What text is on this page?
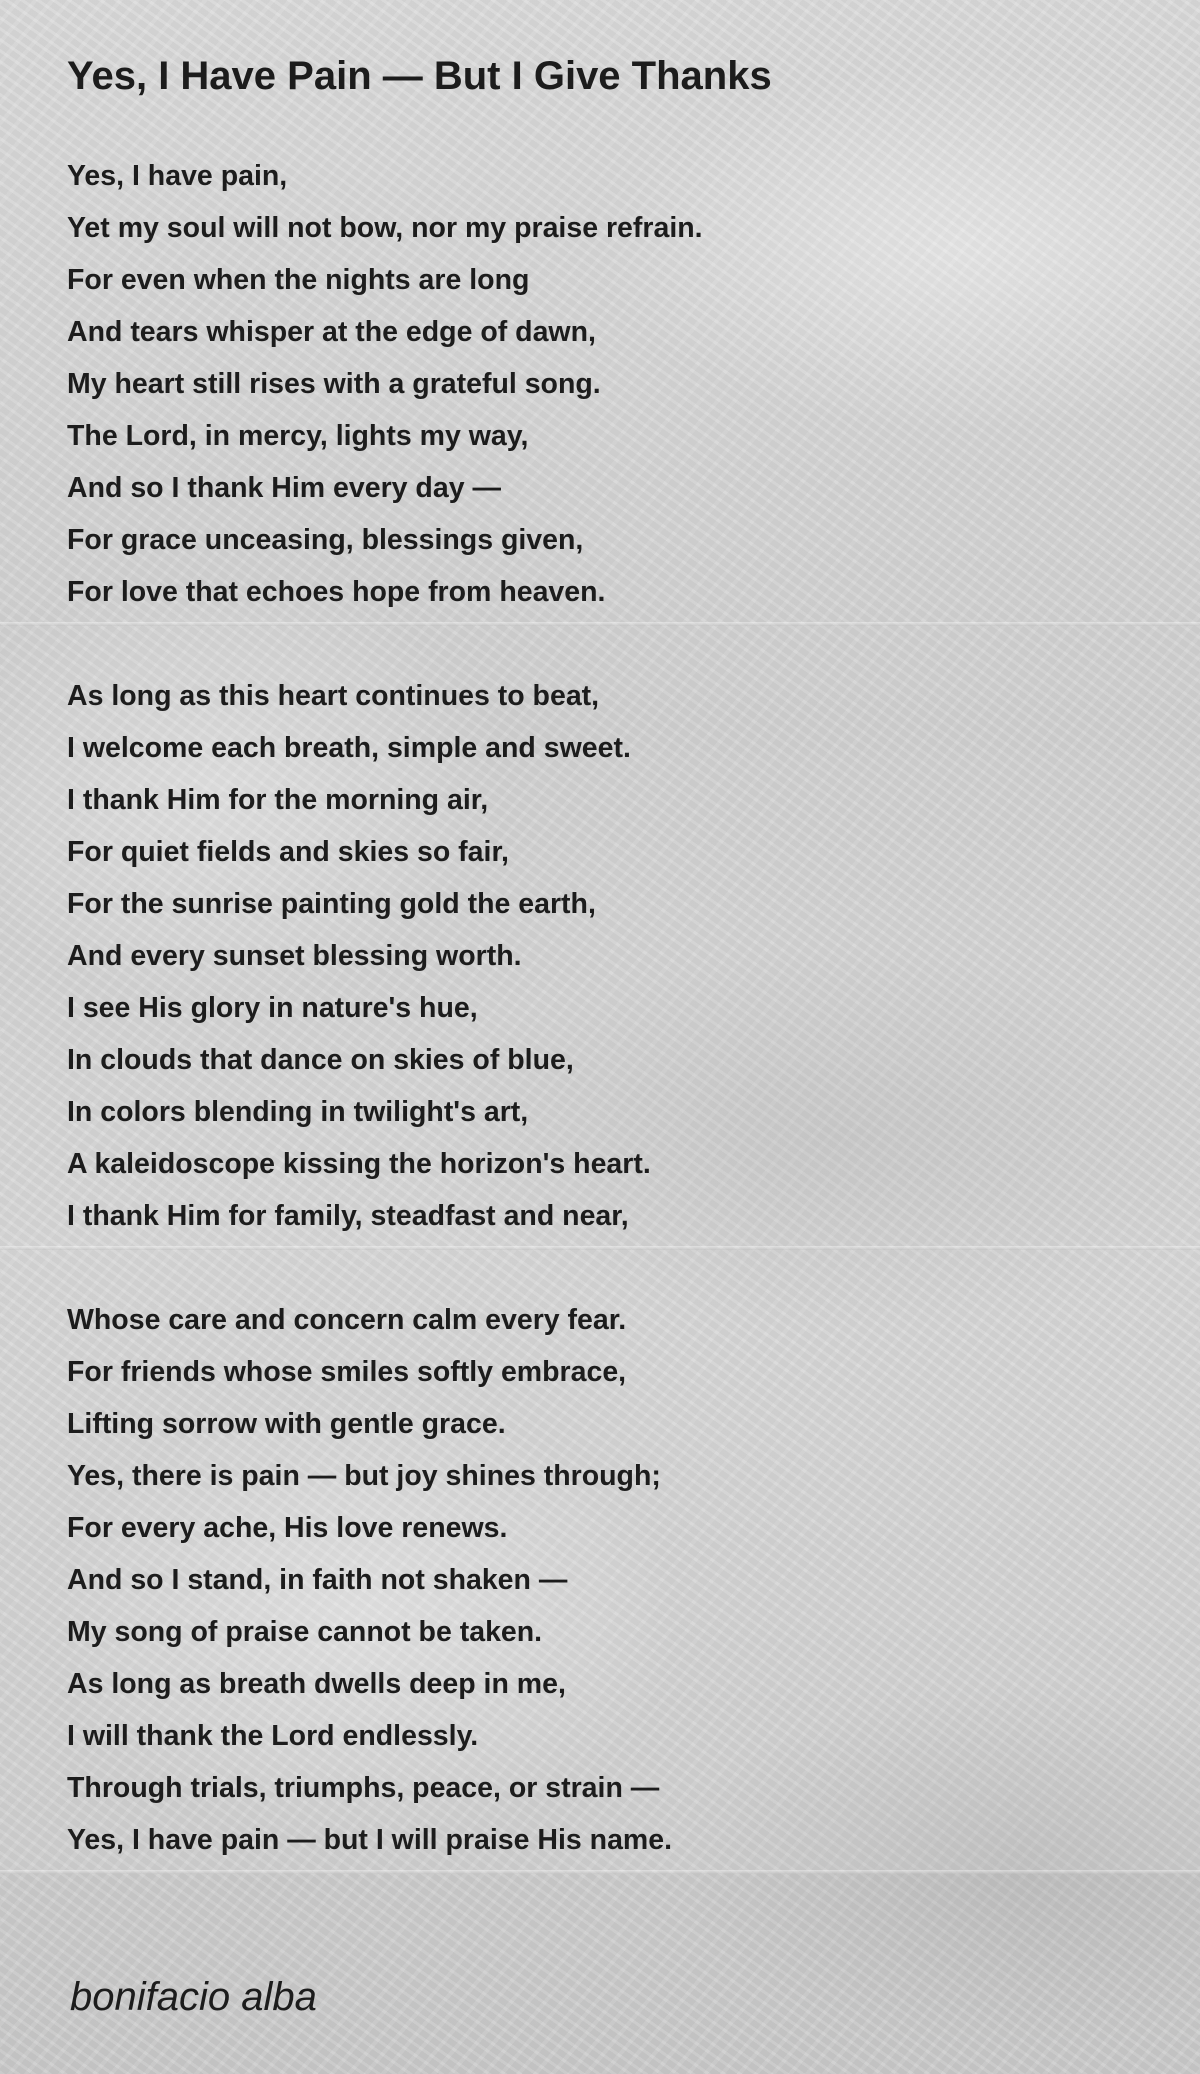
Yes, I Have Pain — But I Give Thanks
Yes, I have pain,
Yet my soul will not bow, nor my praise refrain.
For even when the nights are long
And tears whisper at the edge of dawn,
My heart still rises with a grateful song.
The Lord, in mercy, lights my way,
And so I thank Him every day —
For grace unceasing, blessings given,
For love that echoes hope from heaven.
As long as this heart continues to beat,
I welcome each breath, simple and sweet.
I thank Him for the morning air,
For quiet fields and skies so fair,
For the sunrise painting gold the earth,
And every sunset blessing worth.
I see His glory in nature's hue,
In clouds that dance on skies of blue,
In colors blending in twilight's art,
A kaleidoscope kissing the horizon's heart.
I thank Him for family, steadfast and near,
Whose care and concern calm every fear.
For friends whose smiles softly embrace,
Lifting sorrow with gentle grace.
Yes, there is pain — but joy shines through;
For every ache, His love renews.
And so I stand, in faith not shaken —
My song of praise cannot be taken.
As long as breath dwells deep in me,
I will thank the Lord endlessly.
Through trials, triumphs, peace, or strain —
Yes, I have pain — but I will praise His name.
bonifacio alba
